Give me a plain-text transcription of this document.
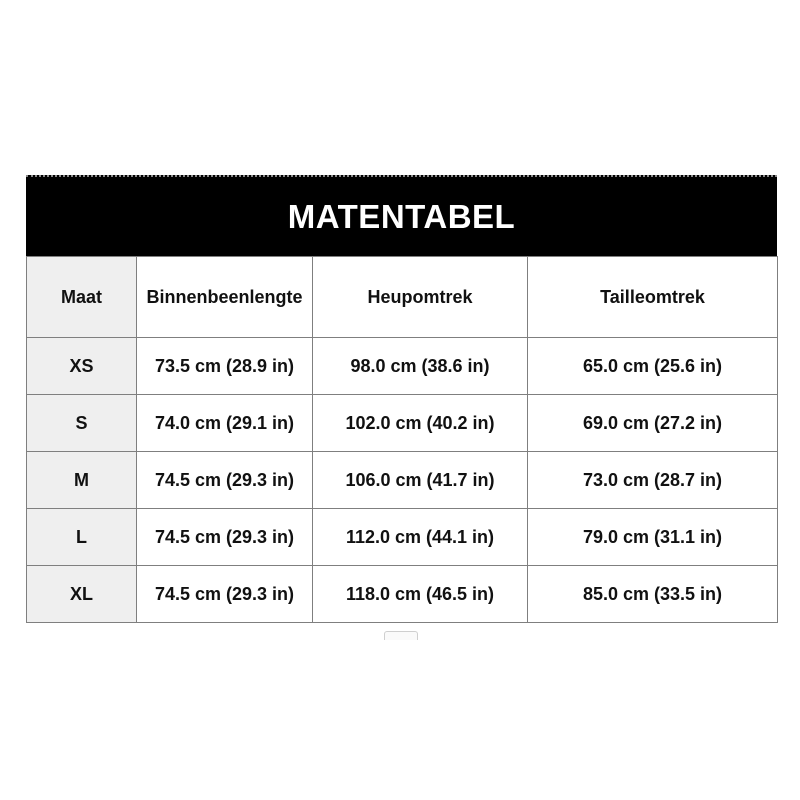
MATENTABEL
Maat	Binnenbeenlengte	Heupomtrek	Tailleomtrek
XS	73.5 cm (28.9 in)	98.0 cm (38.6 in)	65.0 cm (25.6 in)
S	74.0 cm (29.1 in)	102.0 cm (40.2 in)	69.0 cm (27.2 in)
M	74.5 cm (29.3 in)	106.0 cm (41.7 in)	73.0 cm (28.7 in)
L	74.5 cm (29.3 in)	112.0 cm (44.1 in)	79.0 cm (31.1 in)
XL	74.5 cm (29.3 in)	118.0 cm (46.5 in)	85.0 cm (33.5 in)
